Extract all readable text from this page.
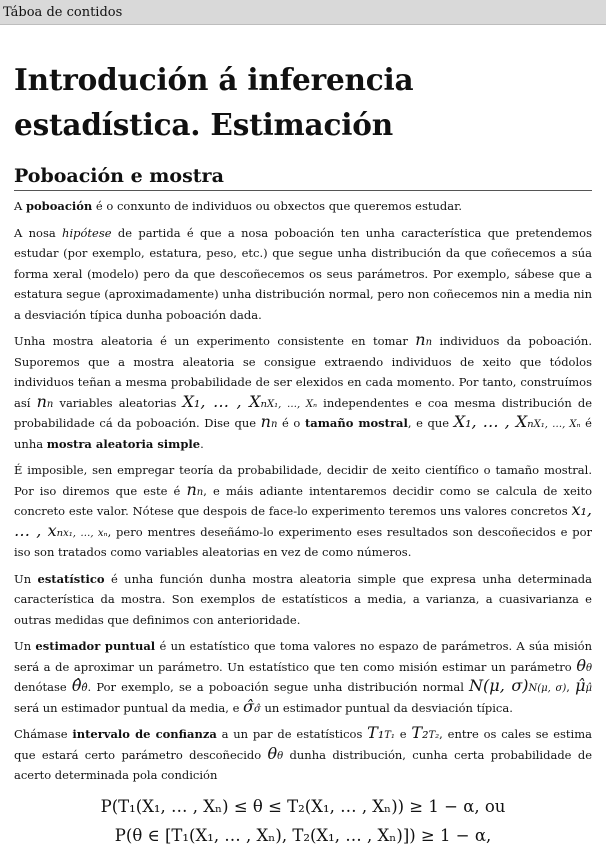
Táboa de contidos
Introdución á inferencia estadística. Estimación
Poboación e mostra

A poboación é o conxunto de individuos ou obxectos que queremos estudar.

A nosa hipótese de partida é que a nosa poboación ten unha característica que pretendemos estudar (por exemplo, estatura, peso, etc.) que segue unha distribución da que coñecemos a súa forma xeral (modelo) pero da que descoñecemos os seus parámetros. Por exemplo, sábese que a estatura segue (aproximadamente) unha distribución normal, pero non coñecemos nin a media nin a desviación típica dunha poboación dada.

Unha mostra aleatoria é un experimento consistente en tomar nn individuos da poboación. Suporemos que a mostra aleatoria se consigue extraendo individuos de xeito que tódolos individuos teñan a mesma probabilidade de ser elexidos en cada momento. Por tanto, construímos así nn variables aleatorias X₁, … , XₙX₁, …, Xₙ independentes e coa mesma distribución de probabilidade cá da poboación. Dise que nn é o tamaño mostral, e que X₁, … , XₙX₁, …, Xₙ é unha mostra aleatoria simple.

É imposible, sen empregar teoría da probabilidade, decidir de xeito científico o tamaño mostral. Por iso diremos que este é nn, e máis adiante intentaremos decidir como se calcula de xeito concreto este valor. Nótese que despois de face-lo experimento teremos uns valores concretos x₁, … , xₙx₁, …, xₙ, pero mentres deseñámo-lo experimento eses resultados son descoñecidos e por iso son tratados como variables aleatorias en vez de como números.

Un estatístico é unha función dunha mostra aleatoria simple que expresa unha determinada característica da mostra. Son exemplos de estatísticos a media, a varianza, a cuasivarianza e outras medidas que definimos con anterioridade.

Un estimador puntual é un estatístico que toma valores no espazo de parámetros. A súa misión será a de aproximar un parámetro. Un estatístico que ten como misión estimar un parámetro θθ denótase θ̂θ̂. Por exemplo, se a poboación segue unha distribución normal N(μ, σ)N(μ, σ), μ̂μ̂ será un estimador puntual da media, e σ̂σ̂ un estimador puntual da desviación típica.

Chámase intervalo de confianza a un par de estatísticos T₁T₁ e T₂T₂, entre os cales se estima que estará certo parámetro descoñecido θθ dunha distribución, cunha certa probabilidade de acerto determinada pola condición

P(T₁(X₁, … , Xₙ) ≤ θ ≤ T₂(X₁, … , Xₙ)) ≥ 1 − α, ou
P(θ ∈ [T₁(X₁, … , Xₙ), T₂(X₁, … , Xₙ)]) ≥ 1 − α,
